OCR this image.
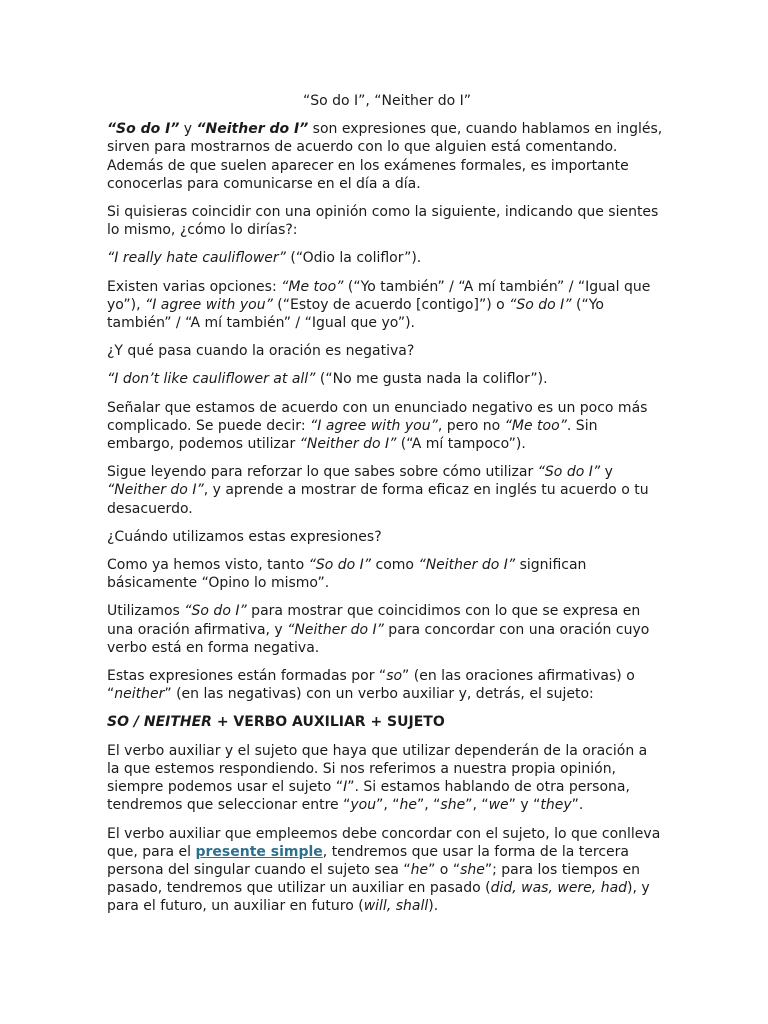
“So do I”, “Neither do I”

“So do I” y “Neither do I” son expresiones que, cuando hablamos en inglés, sirven para mostrarnos de acuerdo con lo que alguien está comentando. Además de que suelen aparecer en los exámenes formales, es importante conocerlas para comunicarse en el día a día.

Si quisieras coincidir con una opinión como la siguiente, indicando que sientes lo mismo, ¿cómo lo dirías?:

“I really hate cauliflower” (“Odio la coliflor”).

Existen varias opciones: “Me too” (“Yo también” / “A mí también” / “Igual que yo”), “I agree with you” (“Estoy de acuerdo [contigo]”) o “So do I” (“Yo también” / “A mí también” / “Igual que yo”).

¿Y qué pasa cuando la oración es negativa?

“I don’t like cauliflower at all” (“No me gusta nada la coliflor”).

Señalar que estamos de acuerdo con un enunciado negativo es un poco más complicado. Se puede decir: “I agree with you”, pero no “Me too”. Sin embargo, podemos utilizar “Neither do I” (“A mí tampoco”).

Sigue leyendo para reforzar lo que sabes sobre cómo utilizar “So do I” y “Neither do I”, y aprende a mostrar de forma eficaz en inglés tu acuerdo o tu desacuerdo.

¿Cuándo utilizamos estas expresiones?

Como ya hemos visto, tanto “So do I” como “Neither do I” significan básicamente “Opino lo mismo”.

Utilizamos “So do I” para mostrar que coincidimos con lo que se expresa en una oración afirmativa, y “Neither do I” para concordar con una oración cuyo verbo está en forma negativa.

Estas expresiones están formadas por “so” (en las oraciones afirmativas) o “neither” (en las negativas) con un verbo auxiliar y, detrás, el sujeto:

SO / NEITHER + VERBO AUXILIAR + SUJETO

El verbo auxiliar y el sujeto que haya que utilizar dependerán de la oración a la que estemos respondiendo. Si nos referimos a nuestra propia opinión, siempre podemos usar el sujeto “I”. Si estamos hablando de otra persona, tendremos que seleccionar entre “you”, “he”, “she”, “we” y “they”.

El verbo auxiliar que empleemos debe concordar con el sujeto, lo que conlleva que, para el presente simple, tendremos que usar la forma de la tercera persona del singular cuando el sujeto sea “he” o “she”; para los tiempos en pasado, tendremos que utilizar un auxiliar en pasado (did, was, were, had), y para el futuro, un auxiliar en futuro (will, shall).
